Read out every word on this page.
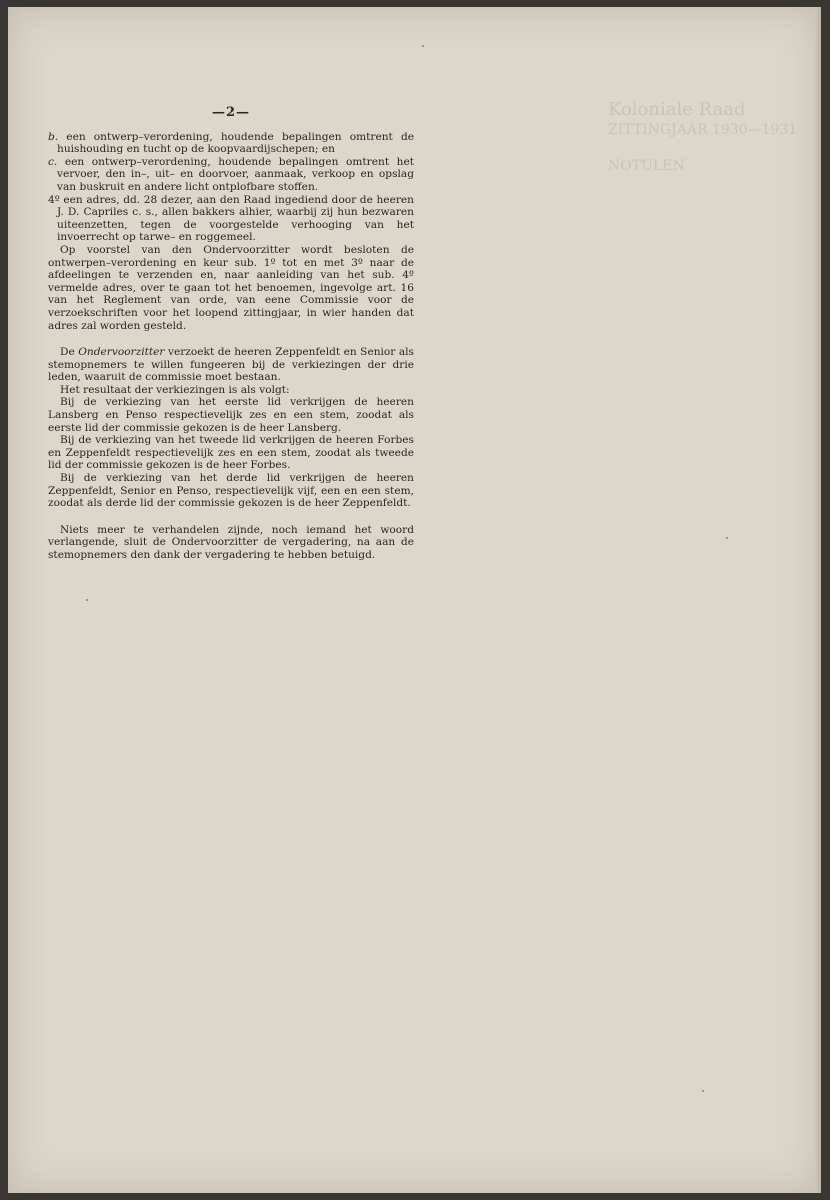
Koloniale Raad
ZITTINGJAAR 1930—1931
NOTULEN
—2—

b. een ontwerp–verordening, houdende bepalingen omtrent de huishouding en tucht op de koopvaardijschepen; en

c. een ontwerp–verordening, houdende bepalingen omtrent het vervoer, den in–, uit– en doorvoer, aanmaak, verkoop en opslag van buskruit en andere licht ontplofbare stoffen.

4º een adres, dd. 28 dezer, aan den Raad ingediend door de heeren J. D. Capriles c. s., allen bakkers alhier, waarbij zij hun bezwaren uiteenzetten, tegen de voorgestelde verhooging van het invoerrecht op tarwe– en roggemeel.

Op voorstel van den Ondervoorzitter wordt besloten de ontwerpen–verordening en keur sub. 1º tot en met 3º naar de afdeelingen te verzenden en, naar aanleiding van het sub. 4º vermelde adres, over te gaan tot het benoemen, ingevolge art. 16 van het Reglement van orde, van eene Commissie voor de verzoekschriften voor het loopend zittingjaar, in wier handen dat adres zal worden gesteld.

De Ondervoorzitter verzoekt de heeren Zeppenfeldt en Senior als stemopnemers te willen fungeeren bij de verkiezingen der drie leden, waaruit de commissie moet bestaan.

Het resultaat der verkiezingen is als volgt:

Bij de verkiezing van het eerste lid verkrijgen de heeren Lansberg en Penso respectievelijk zes en een stem, zoodat als eerste lid der commissie gekozen is de heer Lansberg.

Bij de verkiezing van het tweede lid verkrijgen de heeren Forbes en Zeppenfeldt respectievelijk zes en een stem, zoodat als tweede lid der commissie gekozen is de heer Forbes.

Bij de verkiezing van het derde lid verkrijgen de heeren Zeppenfeldt, Senior en Penso, respectievelijk vijf, een en een stem, zoodat als derde lid der commissie gekozen is de heer Zeppenfeldt.

Niets meer te verhandelen zijnde, noch iemand het woord verlangende, sluit de Ondervoorzitter de vergadering, na aan de stemopnemers den dank der vergadering te hebben betuigd.
